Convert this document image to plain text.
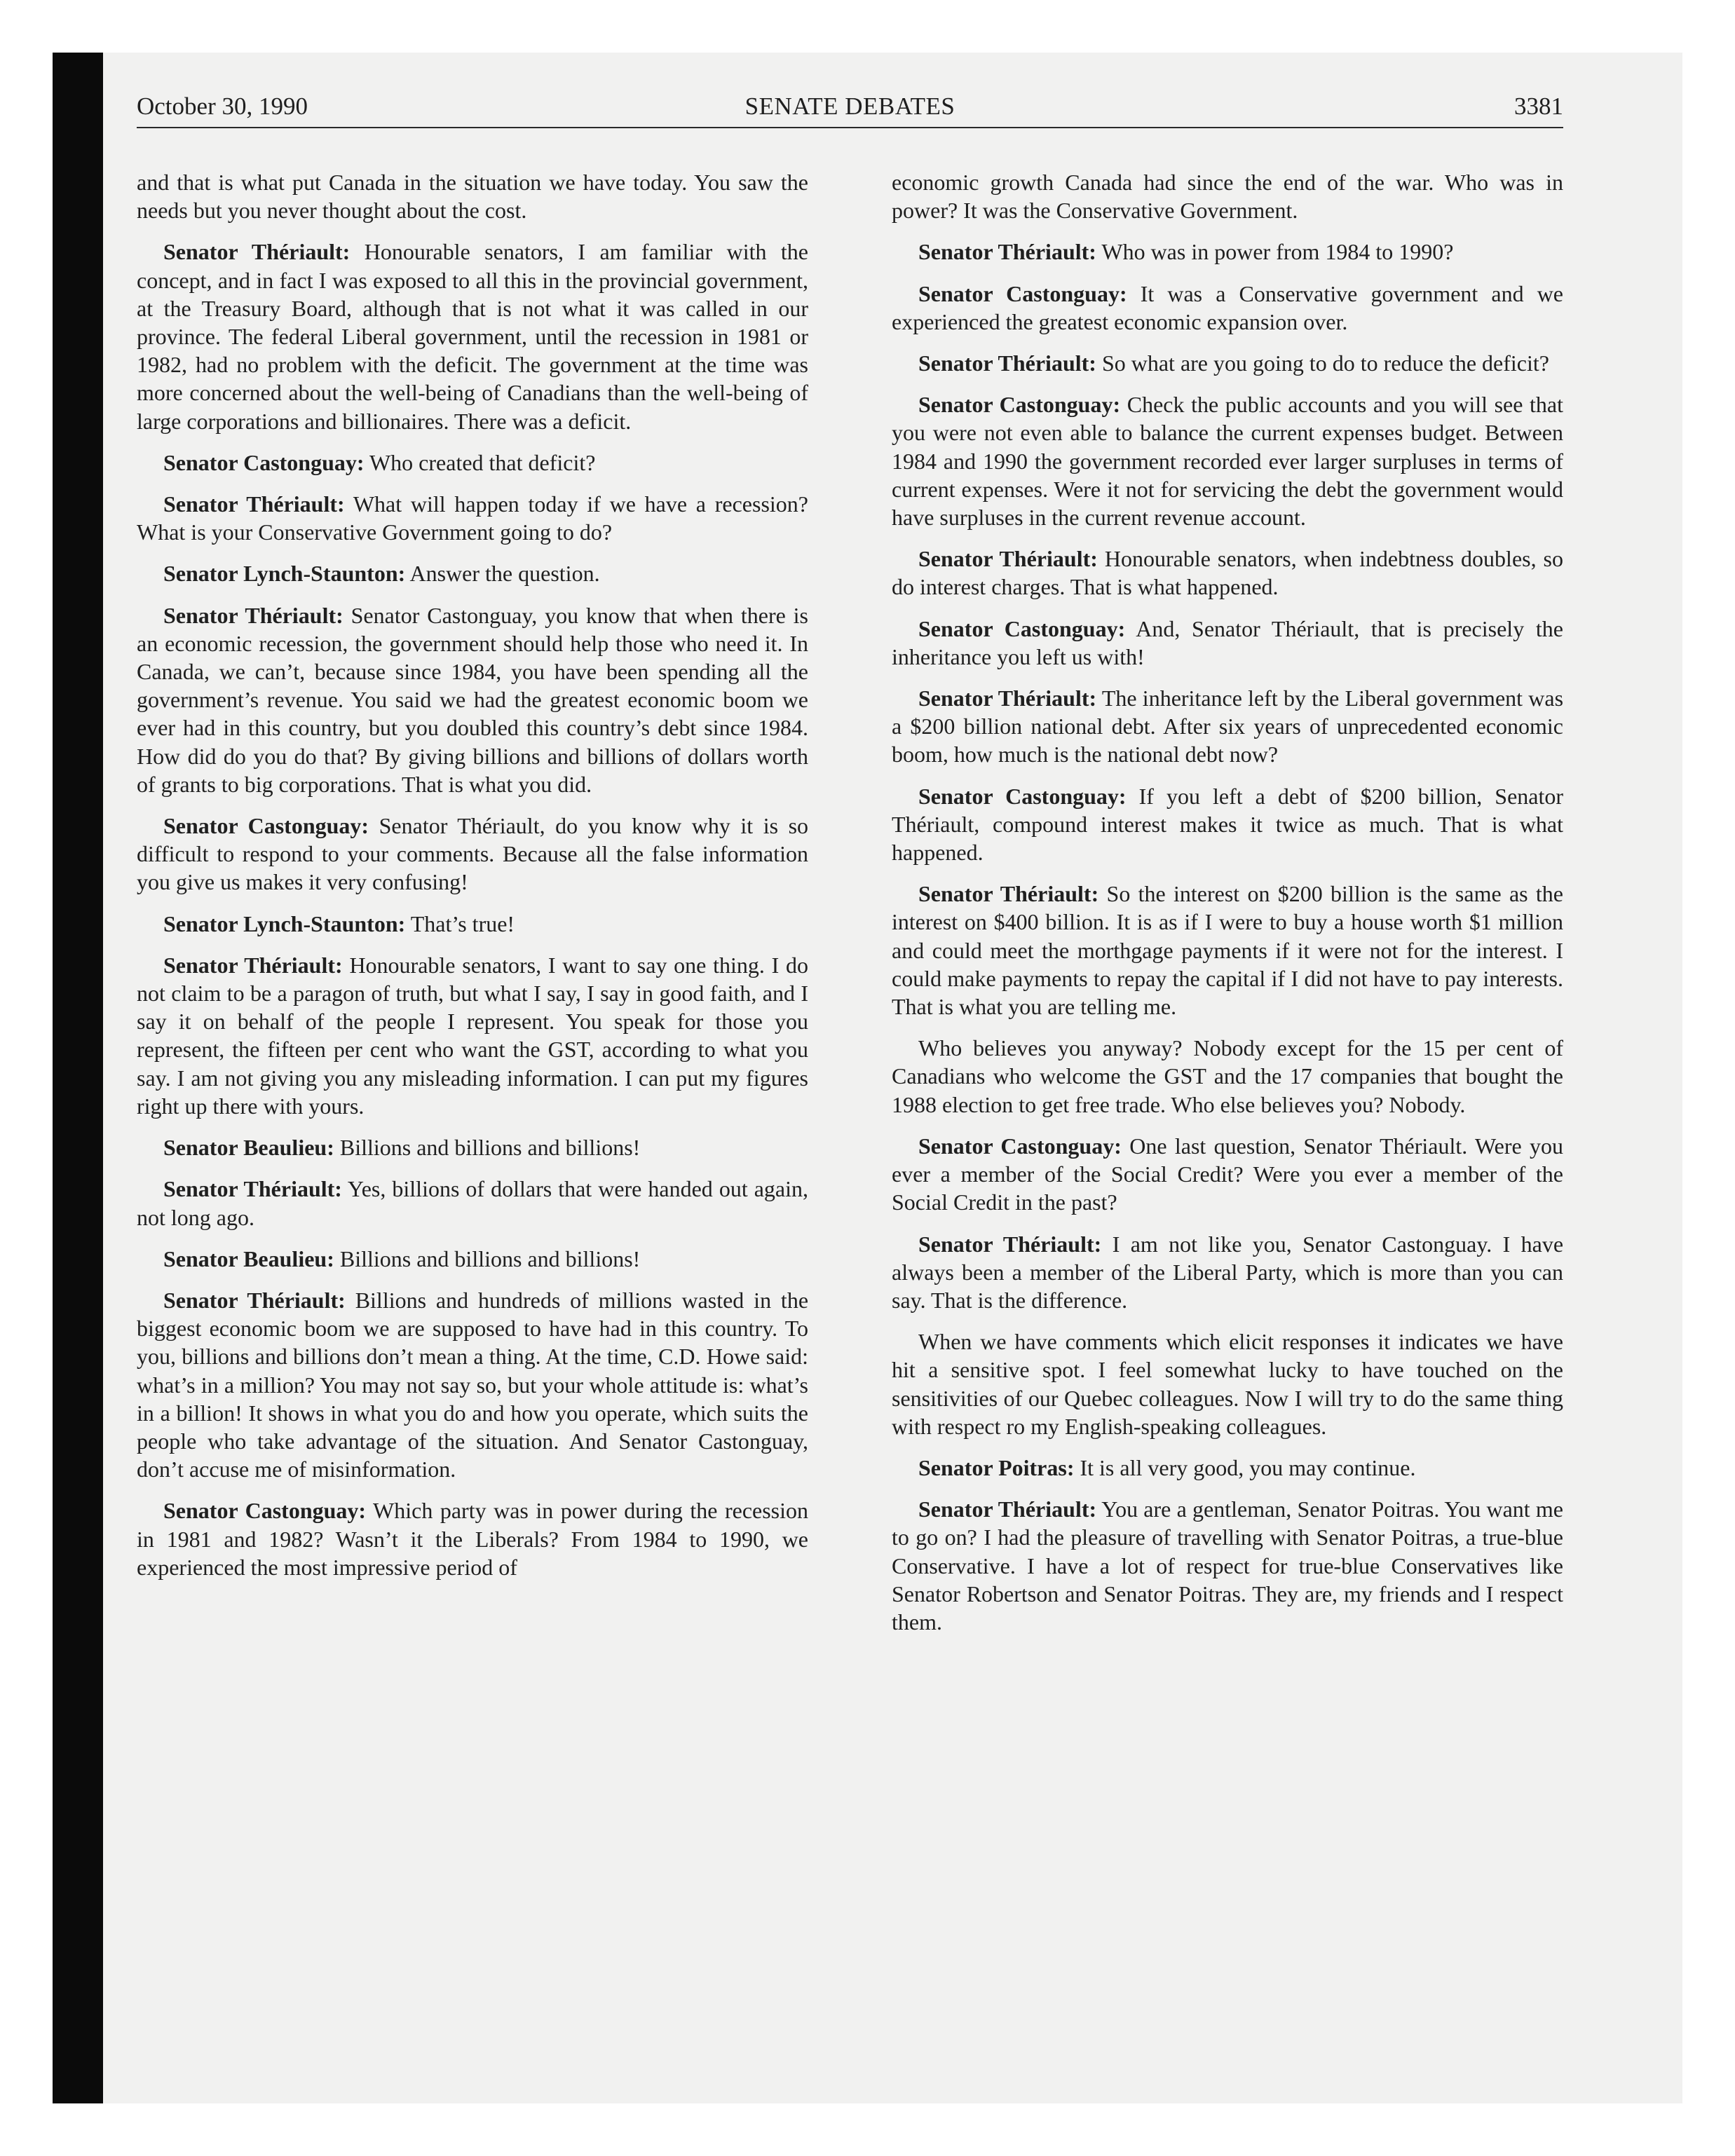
October 30, 1990	SENATE DEBATES	3381

and that is what put Canada in the situation we have today. You saw the needs but you never thought about the cost.

Senator Thériault: Honourable senators, I am familiar with the concept, and in fact I was exposed to all this in the provincial government, at the Treasury Board, although that is not what it was called in our province. The federal Liberal government, until the recession in 1981 or 1982, had no problem with the deficit. The government at the time was more concerned about the well-being of Canadians than the well-being of large corporations and billionaires. There was a deficit.

Senator Castonguay: Who created that deficit?

Senator Thériault: What will happen today if we have a recession? What is your Conservative Government going to do?

Senator Lynch-Staunton: Answer the question.

Senator Thériault: Senator Castonguay, you know that when there is an economic recession, the government should help those who need it. In Canada, we can’t, because since 1984, you have been spending all the government’s revenue. You said we had the greatest economic boom we ever had in this country, but you doubled this country’s debt since 1984. How did do you do that? By giving billions and billions of dollars worth of grants to big corporations. That is what you did.

Senator Castonguay: Senator Thériault, do you know why it is so difficult to respond to your comments. Because all the false information you give us makes it very confusing!

Senator Lynch-Staunton: That’s true!

Senator Thériault: Honourable senators, I want to say one thing. I do not claim to be a paragon of truth, but what I say, I say in good faith, and I say it on behalf of the people I represent. You speak for those you represent, the fifteen per cent who want the GST, according to what you say. I am not giving you any misleading information. I can put my figures right up there with yours.

Senator Beaulieu: Billions and billions and billions!

Senator Thériault: Yes, billions of dollars that were handed out again, not long ago.

Senator Beaulieu: Billions and billions and billions!

Senator Thériault: Billions and hundreds of millions wasted in the biggest economic boom we are supposed to have had in this country. To you, billions and billions don’t mean a thing. At the time, C.D. Howe said: what’s in a million? You may not say so, but your whole attitude is: what’s in a billion! It shows in what you do and how you operate, which suits the people who take advantage of the situation. And Senator Castonguay, don’t accuse me of misinformation.

Senator Castonguay: Which party was in power during the recession in 1981 and 1982? Wasn’t it the Liberals? From 1984 to 1990, we experienced the most impressive period of

economic growth Canada had since the end of the war. Who was in power? It was the Conservative Government.

Senator Thériault: Who was in power from 1984 to 1990?

Senator Castonguay: It was a Conservative government and we experienced the greatest economic expansion over.

Senator Thériault: So what are you going to do to reduce the deficit?

Senator Castonguay: Check the public accounts and you will see that you were not even able to balance the current expenses budget. Between 1984 and 1990 the government recorded ever larger surpluses in terms of current expenses. Were it not for servicing the debt the government would have surpluses in the current revenue account.

Senator Thériault: Honourable senators, when indebtness doubles, so do interest charges. That is what happened.

Senator Castonguay: And, Senator Thériault, that is precisely the inheritance you left us with!

Senator Thériault: The inheritance left by the Liberal government was a $200 billion national debt. After six years of unprecedented economic boom, how much is the national debt now?

Senator Castonguay: If you left a debt of $200 billion, Senator Thériault, compound interest makes it twice as much. That is what happened.

Senator Thériault: So the interest on $200 billion is the same as the interest on $400 billion. It is as if I were to buy a house worth $1 million and could meet the morthgage payments if it were not for the interest. I could make payments to repay the capital if I did not have to pay interests. That is what you are telling me.

Who believes you anyway? Nobody except for the 15 per cent of Canadians who welcome the GST and the 17 companies that bought the 1988 election to get free trade. Who else believes you? Nobody.

Senator Castonguay: One last question, Senator Thériault. Were you ever a member of the Social Credit? Were you ever a member of the Social Credit in the past?

Senator Thériault: I am not like you, Senator Castonguay. I have always been a member of the Liberal Party, which is more than you can say. That is the difference.

When we have comments which elicit responses it indicates we have hit a sensitive spot. I feel somewhat lucky to have touched on the sensitivities of our Quebec colleagues. Now I will try to do the same thing with respect ro my English-speaking colleagues.

Senator Poitras: It is all very good, you may continue.

Senator Thériault: You are a gentleman, Senator Poitras. You want me to go on? I had the pleasure of travelling with Senator Poitras, a true-blue Conservative. I have a lot of respect for true-blue Conservatives like Senator Robertson and Senator Poitras. They are, my friends and I respect them.
